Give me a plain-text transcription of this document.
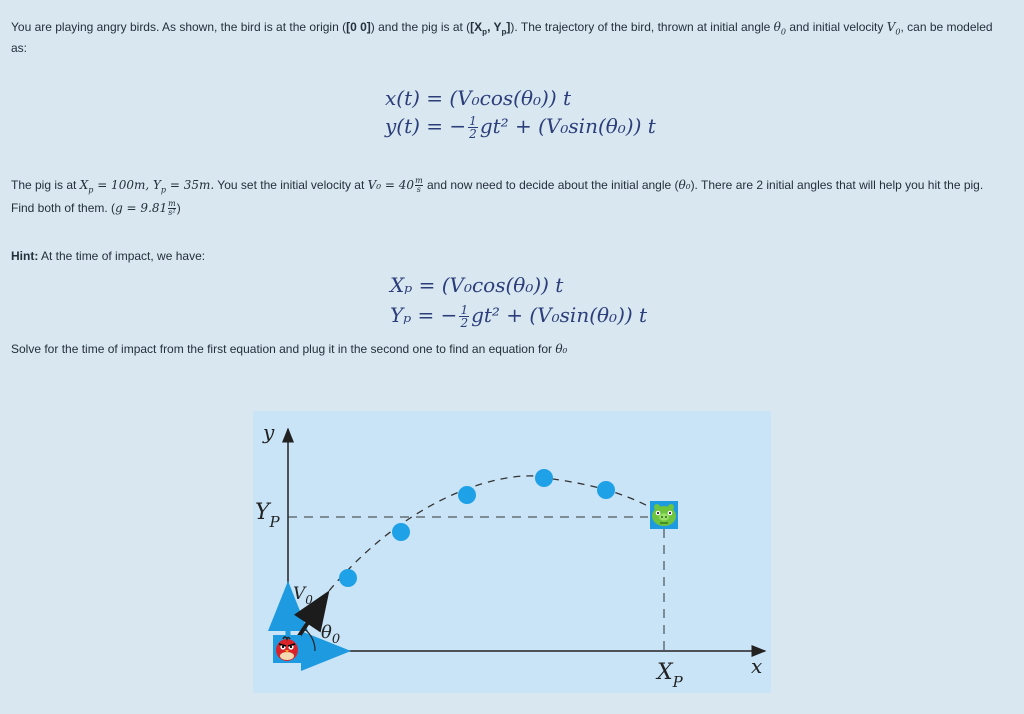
You are playing angry birds. As shown, the bird is at the origin ([0 0]) and the pig is at ([$X_p$, $Y_p$]). The trajectory of the bird, thrown at initial angle $\theta_0$ and initial velocity $V_0$, can be modeled
as:
x(t) = (V₀cos(θ₀)) t
y(t) = − $\frac{1}{2} gt^2 + (V_0\sin(\theta_0))$ t
The pig is at $X_p = 100m$, $Y_p = 35m$. You set the initial velocity at $V_0 = 40 \frac{m}{s}$ and now need to decide about the initial angle (θ₀). There are 2 initial angles that will help you hit the pig.
Find both of them. ($g = 9.81 \frac{m}{\text{s²}}$ )
Hint: At the time of impact, we have:
Xₚ = (V₀cos(θ₀)) t
Yₚ = − $\frac{1}{2} gt^2 + (V_0\sin(\theta_0))$ t
Solve for the time of impact from the first equation and plug it in the second one to find an equation for θ₀
y
x
$Y_P$
$X_P$
$V_0$
$\theta_0$
